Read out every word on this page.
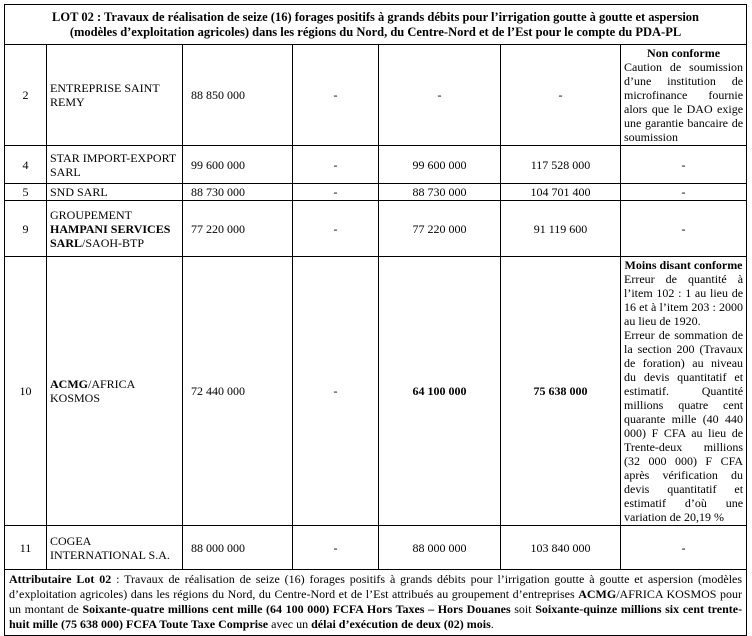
LOT 02 : Travaux de réalisation de seize (16) forages positifs à grands débits pour l’irrigation goutte à goutte et aspersion
(modèles d’exploitation agricoles) dans les régions du Nord, du Centre-Nord et de l’Est pour le compte du PDA-PL						
2	ENTREPRISE SAINT REMY	88 850 000	-	-	-	Non conforme
Caution de soumission d’une institution de microfinance fournie alors que le DAO exige une garantie bancaire de soumission

4	STAR IMPORT-EXPORT SARL	99 600 000	-	99 600 000	117 528 000	-
5	SND SARL	88 730 000	-	88 730 000	104 701 400	-
9	GROUPEMENT HAMPANI SERVICES SARL/SAOH-BTP	77 220 000	-	77 220 000	91 119 600	-
10	ACMG/AFRICA KOSMOS	72 440 000	-	64 100 000	75 638 000	Moins disant conforme
Erreur de quantité à l’item 102 : 1 au lieu de 16 et à l’item 203 : 2000 au lieu de 1920.
Erreur de sommation de la section 200 (Travaux de foration) au niveau du devis quantitatif et estimatif. Quantité millions quatre cent quarante mille (40 440 000) F CFA au lieu de Trente-deux millions (32 000 000) F CFA après vérification du devis quantitatif et estimatif d’où une variation de 20,19 %

11	COGEA INTERNATIONAL S.A.	88 000 000	-	88 000 000	103 840 000	-
Attributaire Lot 02 : Travaux de réalisation de seize (16) forages positifs à grands débits pour l’irrigation goutte à goutte et aspersion (modèles d’exploitation agricoles) dans les régions du Nord, du Centre-Nord et de l’Est attribués au groupement d’entreprises ACMG/AFRICA KOSMOS pour un montant de Soixante-quatre millions cent mille (64 100 000) FCFA Hors Taxes – Hors Douanes soit Soixante-quinze millions six cent trente-huit mille (75 638 000) FCFA Toute Taxe Comprise avec un délai d’exécution de deux (02) mois.						
